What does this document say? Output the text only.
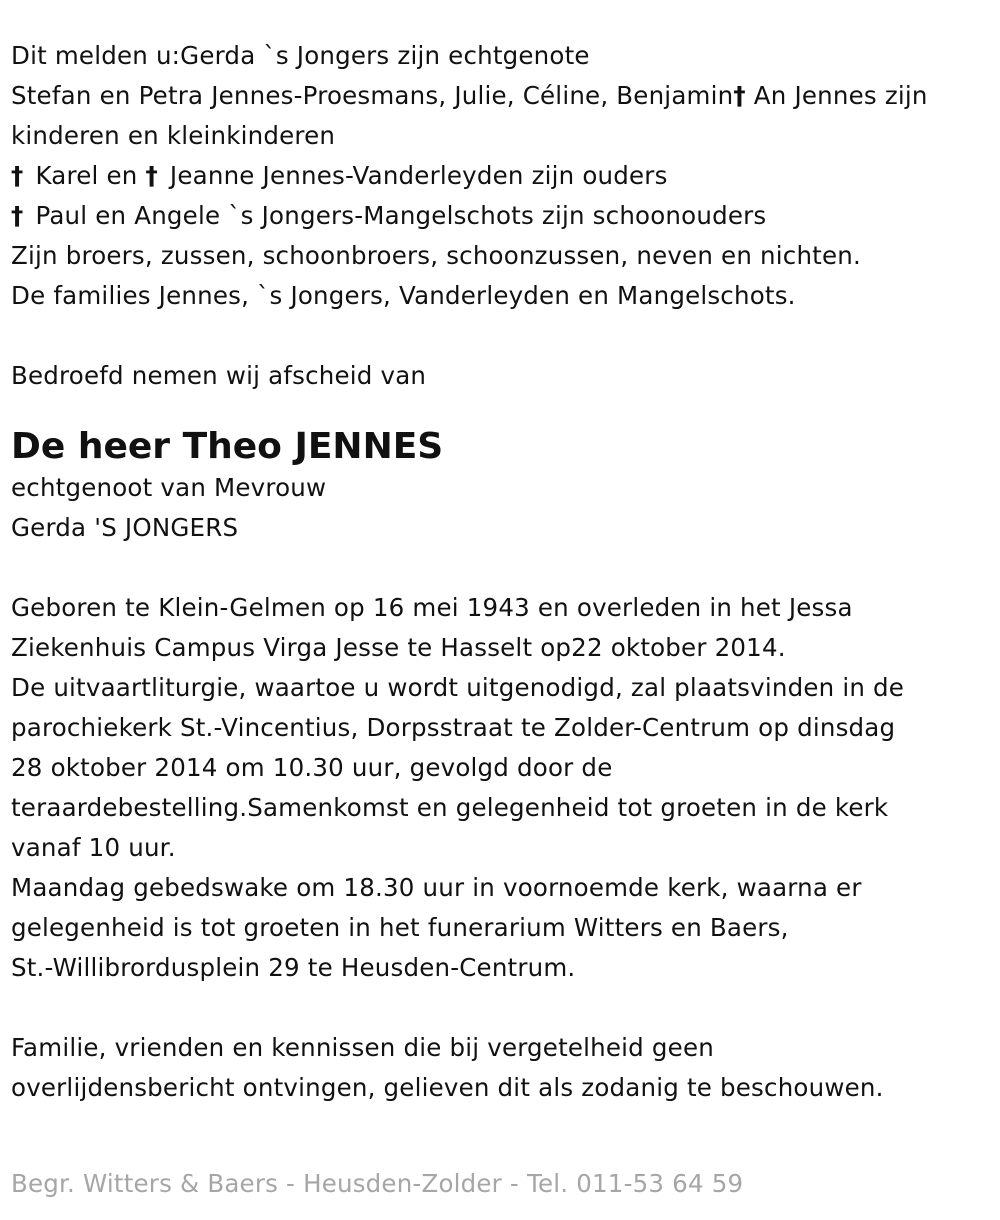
Dit melden u:Gerda `s Jongers zijn echtgenote
Stefan en Petra Jennes-Proesmans, Julie, Céline, Benjamin† An Jennes zijn
kinderen en kleinkinderen
† Karel en † Jeanne Jennes-Vanderleyden zijn ouders
† Paul en Angele `s Jongers-Mangelschots zijn schoonouders
Zijn broers, zussen, schoonbroers, schoonzussen, neven en nichten.
De families Jennes, `s Jongers, Vanderleyden en Mangelschots.
Bedroefd nemen wij afscheid van
De heer Theo JENNES
echtgenoot van Mevrouw
Gerda 'S JONGERS
Geboren te Klein-Gelmen op 16 mei 1943 en overleden in het Jessa
Ziekenhuis Campus Virga Jesse te Hasselt op22 oktober 2014.
De uitvaartliturgie, waartoe u wordt uitgenodigd, zal plaatsvinden in de
parochiekerk St.-Vincentius, Dorpsstraat te Zolder-Centrum op dinsdag
28 oktober 2014 om 10.30 uur, gevolgd door de
teraardebestelling.Samenkomst en gelegenheid tot groeten in de kerk
vanaf 10 uur.
Maandag gebedswake om 18.30 uur in voornoemde kerk, waarna er
gelegenheid is tot groeten in het funerarium Witters en Baers,
St.-Willibrordusplein 29 te Heusden-Centrum.
Familie, vrienden en kennissen die bij vergetelheid geen
overlijdensbericht ontvingen, gelieven dit als zodanig te beschouwen.
Begr. Witters & Baers - Heusden-Zolder - Tel. 011-53 64 59
